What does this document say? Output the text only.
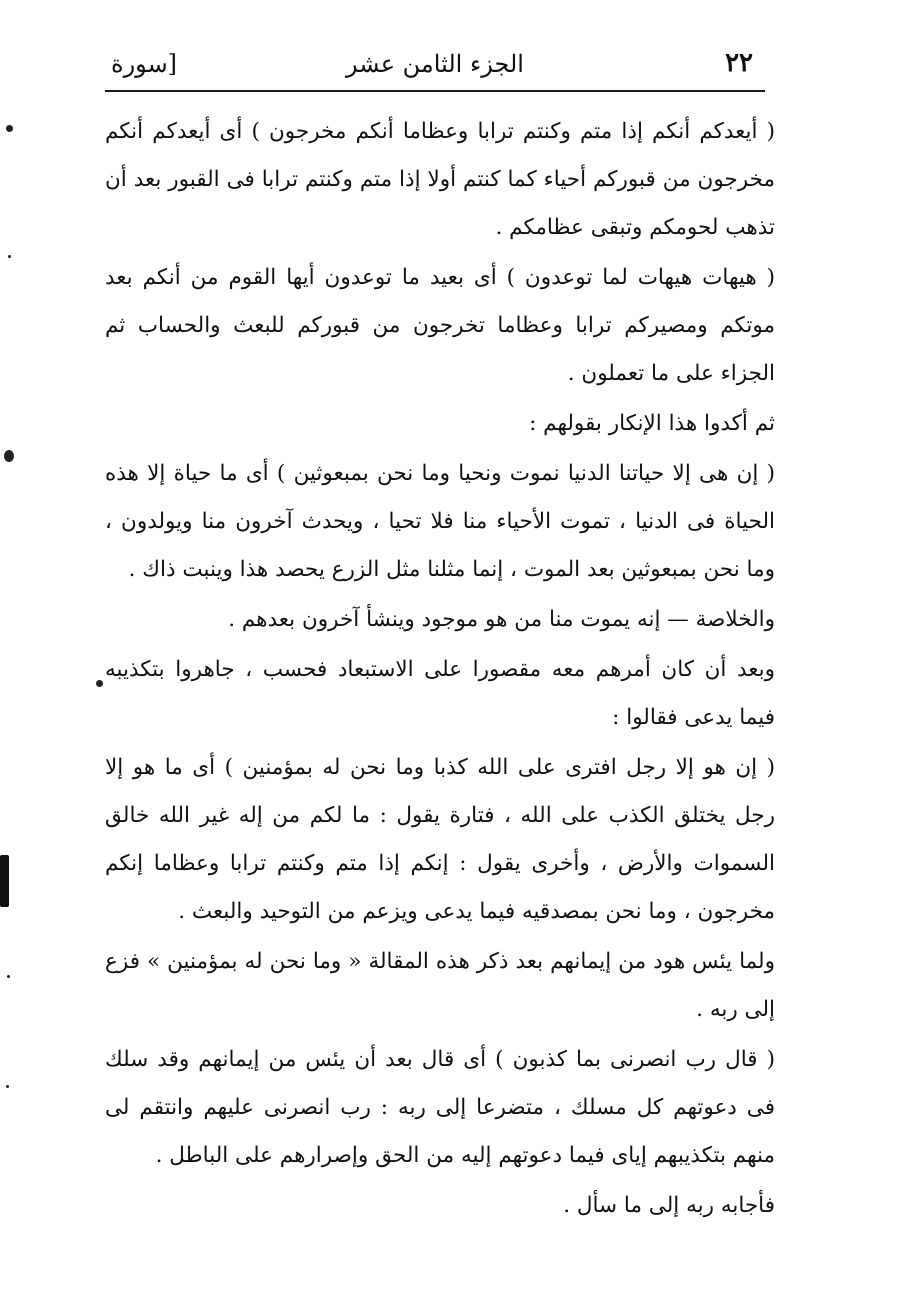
٢٢
الجزء الثامن عشر
[سورة

( أيعدكم أنكم إذا متم وكنتم ترابا وعظاما أنكم مخرجون ) أى أيعدكم أنكم مخرجون من قبوركم أحياء كما كنتم أولا إذا متم وكنتم ترابا فى القبور بعد أن تذهب لحومكم وتبقى عظامكم .

( هيهات هيهات لما توعدون ) أى بعيد ما توعدون أيها القوم من أنكم بعد موتكم ومصيركم ترابا وعظاما تخرجون من قبوركم للبعث والحساب ثم الجزاء على ما تعملون .

ثم أكدوا هذا الإنكار بقولهم :

( إن هى إلا حياتنا الدنيا نموت ونحيا وما نحن بمبعوثين ) أى ما حياة إلا هذه الحياة فى الدنيا ، تموت الأحياء منا فلا تحيا ، ويحدث آخرون منا ويولدون ، وما نحن بمبعوثين بعد الموت ، إنما مثلنا مثل الزرع يحصد هذا وينبت ذاك .

والخلاصة — إنه يموت منا من هو موجود وينشأ آخرون بعدهم .

وبعد أن كان أمرهم معه مقصورا على الاستبعاد فحسب ، جاهروا بتكذيبه فيما يدعى فقالوا :

( إن هو إلا رجل افترى على الله كذبا وما نحن له بمؤمنين ) أى ما هو إلا رجل يختلق الكذب على الله ، فتارة يقول : ما لكم من إله غير الله خالق السموات والأرض ، وأخرى يقول : إنكم إذا متم وكنتم ترابا وعظاما إنكم مخرجون ، وما نحن بمصدقيه فيما يدعى ويزعم من التوحيد والبعث .

ولما يئس هود من إيمانهم بعد ذكر هذه المقالة « وما نحن له بمؤمنين » فزع إلى ربه .

( قال رب انصرنى بما كذبون ) أى قال بعد أن يئس من إيمانهم وقد سلك فى دعوتهم كل مسلك ، متضرعا إلى ربه : رب انصرنى عليهم وانتقم لى منهم بتكذيبهم إياى فيما دعوتهم إليه من الحق وإصرارهم على الباطل .

فأجابه ربه إلى ما سأل .
